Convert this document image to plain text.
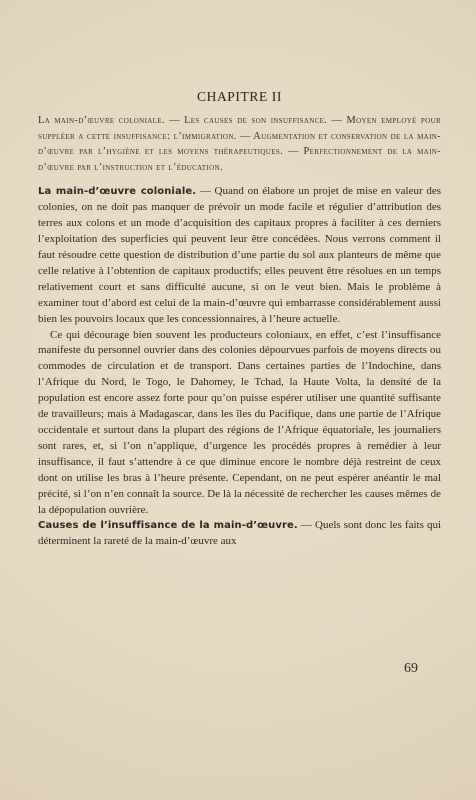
CHAPITRE II

La main-d’œuvre coloniale. — Les causes de son insuffisance. — Moyen employé pour suppléer a cette insuffisance: l’immigration. — Augmentation et conservation de la main-d’œuvre par l’hygiène et les moyens thérapeutiques. — Perfectionnement de la main-d’œuvre par l’instruction et l’éducation.

La main-d’œuvre coloniale. — Quand on élabore un projet de mise en valeur des colonies, on ne doit pas manquer de prévoir un mode facile et régulier d’attribution des terres aux colons et un mode d’acquisition des capitaux propres à faciliter à ces derniers l’exploitation des superficies qui peuvent leur être concédées. Nous verrons comment il faut résoudre cette question de distribution d’une partie du sol aux planteurs de même que celle relative à l’obtention de capitaux productifs; elles peuvent être résolues en un temps relativement court et sans difficulté aucune, si on le veut bien. Mais le problème à examiner tout d’abord est celui de la main-d’œuvre qui embarrasse considérablement aussi bien les pouvoirs locaux que les concessionnaires, à l’heure actuelle.

Ce qui décourage bien souvent les producteurs coloniaux, en effet, c’est l’insuffisance manifeste du personnel ouvrier dans des colonies dépourvues parfois de moyens directs ou commodes de circulation et de transport. Dans certaines parties de l’Indochine, dans l’Afrique du Nord, le Togo, le Dahomey, le Tchad, la Haute Volta, la densité de la population est encore assez forte pour qu’on puisse espérer utiliser une quantité suffisante de travailleurs; mais à Madagascar, dans les îles du Pacifique, dans une partie de l’Afrique occidentale et surtout dans la plupart des régions de l’Afrique équatoriale, les journaliers sont rares, et, si l’on n’applique, d’urgence les procédés propres à remédier à leur insuffisance, il faut s’attendre à ce que diminue encore le nombre déjà restreint de ceux dont on utilise les bras à l’heure présente. Cependant, on ne peut espérer anéantir le mal précité, si l’on n’en connaît la source. De là la nécessité de rechercher les causes mêmes de la dépopulation ouvrière.

Causes de l’insuffisance de la main-d’œuvre. — Quels sont donc les faits qui déterminent la rareté de la main-d’œuvre aux

69
